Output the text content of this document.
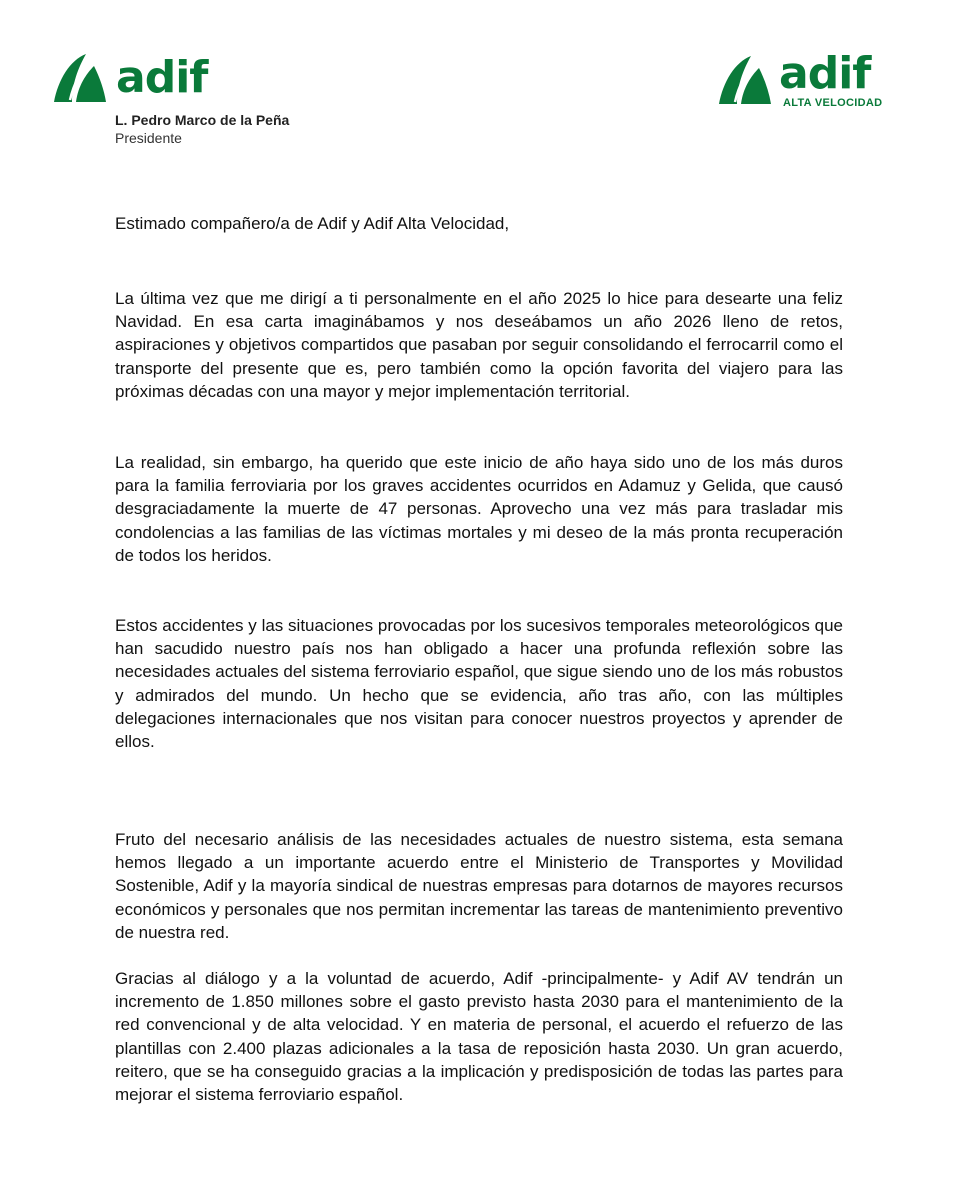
adif	adif
ALTA VELOCIDAD
L. Pedro Marco de la Peña
Presidente
Estimado compañero/a de Adif y Adif Alta Velocidad,

La última vez que me dirigí a ti personalmente en el año 2025 lo hice para desearte una feliz Navidad. En esa carta imaginábamos y nos deseábamos un año 2026 lleno de retos, aspiraciones y objetivos compartidos que pasaban por seguir consolidando el ferrocarril como el transporte del presente que es, pero también como la opción favorita del viajero para las próximas décadas con una mayor y mejor implementación territorial.

La realidad, sin embargo, ha querido que este inicio de año haya sido uno de los más duros para la familia ferroviaria por los graves accidentes ocurridos en Adamuz y Gelida, que causó desgraciadamente la muerte de 47 personas. Aprovecho una vez más para trasladar mis condolencias a las familias de las víctimas mortales y mi deseo de la más pronta recuperación de todos los heridos.

Estos accidentes y las situaciones provocadas por los sucesivos temporales meteorológicos que han sacudido nuestro país nos han obligado a hacer una profunda reflexión sobre las necesidades actuales del sistema ferroviario español, que sigue siendo uno de los más robustos y admirados del mundo. Un hecho que se evidencia, año tras año, con las múltiples delegaciones internacionales que nos visitan para conocer nuestros proyectos y aprender de ellos.

Fruto del necesario análisis de las necesidades actuales de nuestro sistema, esta semana hemos llegado a un importante acuerdo entre el Ministerio de Transportes y Movilidad Sostenible, Adif y la mayoría sindical de nuestras empresas para dotarnos de mayores recursos económicos y personales que nos permitan incrementar las tareas de mantenimiento preventivo de nuestra red.

Gracias al diálogo y a la voluntad de acuerdo, Adif -principalmente- y Adif AV tendrán un incremento de 1.850 millones sobre el gasto previsto hasta 2030 para el mantenimiento de la red convencional y de alta velocidad. Y en materia de personal, el acuerdo el refuerzo de las plantillas con 2.400 plazas adicionales a la tasa de reposición hasta 2030. Un gran acuerdo, reitero, que se ha conseguido gracias a la implicación y predisposición de todas las partes para mejorar el sistema ferroviario español.
